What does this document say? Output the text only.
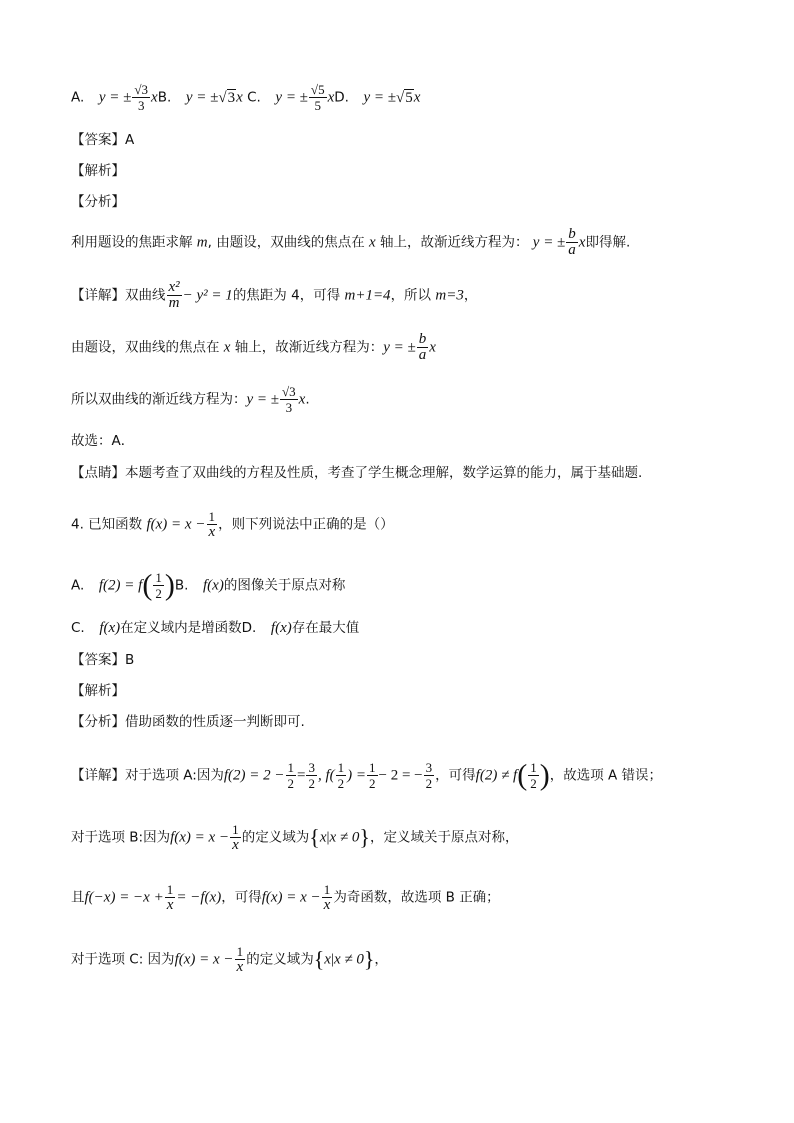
A. y = ± $\frac{√3}{3}$ xB. y = ±√3x C. y = ± $\frac{√5}{5}$ xD. y = ±√5x
【答案】A
【解析】
【分析】
利用题设的焦距求解 m, 由题设，双曲线的焦点在 x 轴上，故渐近线方程为： y = ± $\frac{b}{a}$ x即得解.
【详解】双曲线 $\frac{\text{x²}}{m} - y^2 = 1$的焦距为 4，可得 m+1=4，所以 m=3，
由题设，双曲线的焦点在 x 轴上，故渐近线方程为：y = ± $\frac{b}{a}$ x
所以双曲线的渐近线方程为：y = ± $\frac{√3}{3} x$.
故选：A．
【点睛】本题考查了双曲线的方程及性质，考查了学生概念理解，数学运算的能力，属于基础题.
4. 已知函数 $f(x) = x - \frac{1}{x}$ ，则下列说法中正确的是（）
A. $f(2) = f( \frac{1}{2} )B$. f(x)的图像关于原点对称
C. f(x)在定义域内是增函数D. f(x)存在最大值
【答案】B
【解析】
【分析】借助函数的性质逐一判断即可.
【详解】对于选项 A:因为$f(2) = 2 - \frac{1}{2} = \frac{3}{2}$ , $f( \frac{1}{2}$ ) = $\frac{1}{2} - 2$ = − $\frac{3}{2}$ ，可得$f(2) \ne f( \frac{1}{2}$ )，故选项 A 错误；
对于选项 B:因为$f(x) = x - \frac{1}{x}$ 的定义域为{x|x ≠ 0}，定义域关于原点对称，
且$f(-x) = -x + \frac{1}{x} = -f(x)$，可得$f(x) = x - \frac{1}{x}$ 为奇函数，故选项 B 正确；
对于选项 C: 因为$f(x) = x - \frac{1}{x}$ 的定义域为{x|x ≠ 0}，
